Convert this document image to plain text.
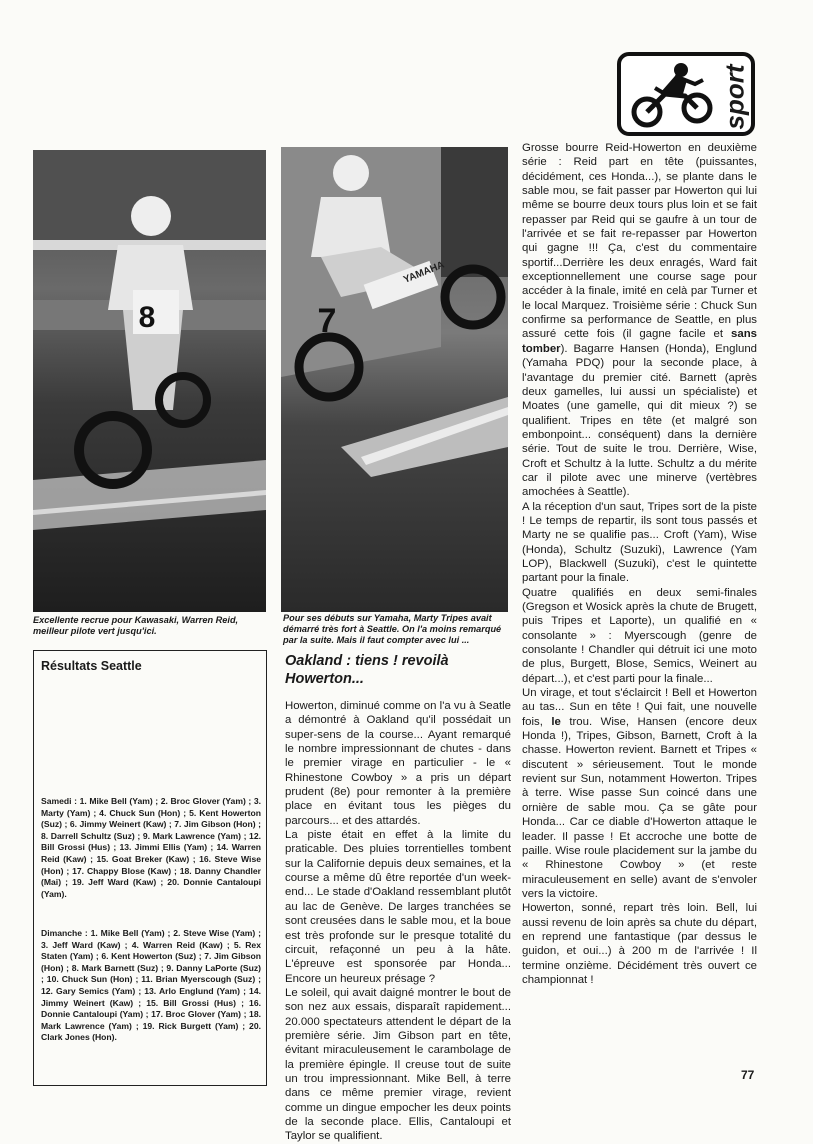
sport
8	7
YAMAHA
Excellente recrue pour Kawasaki, Warren Reid, meilleur pilote vert jusqu'ici.
Pour ses débuts sur Yamaha, Marty Tripes avait démarré très fort à Seattle. On l'a moins remarqué par la suite. Mais il faut compter avec lui ...
Résultats Seattle
Samedi : 1. Mike Bell (Yam) ; 2. Broc Glover (Yam) ; 3. Marty (Yam) ; 4. Chuck Sun (Hon) ; 5. Kent Howerton (Suz) ; 6. Jimmy Weinert (Kaw) ; 7. Jim Gibson (Hon) ; 8. Darrell Schultz (Suz) ; 9. Mark Lawrence (Yam) ; 12. Bill Grossi (Hus) ; 13. Jimmi Ellis (Yam) ; 14. Warren Reid (Kaw) ; 15. Goat Breker (Kaw) ; 16. Steve Wise (Hon) ; 17. Chappy Blose (Kaw) ; 18. Danny Chandler (Mai) ; 19. Jeff Ward (Kaw) ; 20. Donnie Cantaloupi (Yam).
Dimanche : 1. Mike Bell (Yam) ; 2. Steve Wise (Yam) ; 3. Jeff Ward (Kaw) ; 4. Warren Reid (Kaw) ; 5. Rex Staten (Yam) ; 6. Kent Howerton (Suz) ; 7. Jim Gibson (Hon) ; 8. Mark Barnett (Suz) ; 9. Danny LaPorte (Suz) ; 10. Chuck Sun (Hon) ; 11. Brian Myerscough (Suz) ; 12. Gary Semics (Yam) ; 13. Arlo Englund (Yam) ; 14. Jimmy Weinert (Kaw) ; 15. Bill Grossi (Hus) ; 16. Donnie Cantaloupi (Yam) ; 17. Broc Glover (Yam) ; 18. Mark Lawrence (Yam) ; 19. Rick Burgett (Yam) ; 20. Clark Jones (Hon).
Oakland : tiens ! revoilà Howerton...

Howerton, diminué comme on l'a vu à Seatle a démontré à Oakland qu'il possédait un super-sens de la course... Ayant remarqué le nombre impressionnant de chutes - dans le premier virage en particulier - le « Rhinestone Cowboy » a pris un départ prudent (8e) pour remonter à la première place en évitant tous les pièges du parcours... et des attardés.

La piste était en effet à la limite du praticable. Des pluies torrentielles tombent sur la Californie depuis deux semaines, et la course a même dû être reportée d'un week-end... Le stade d'Oakland ressemblant plutôt au lac de Genève. De larges tranchées se sont creusées dans le sable mou, et la boue est très profonde sur le presque totalité du circuit, refaçonné un peu à la hâte. L'épreuve est sponsorée par Honda... Encore un heureux présage ?

Le soleil, qui avait daigné montrer le bout de son nez aux essais, disparaît rapidement... 20.000 spectateurs attendent le départ de la première série. Jim Gibson part en tête, évitant miraculeusement le carambolage de la première épingle. Il creuse tout de suite un trou impressionnant. Mike Bell, à terre dans ce même premier virage, revient comme un dingue empocher les deux points de la seconde place. Ellis, Cantaloupi et Taylor se qualifient.

Grosse bourre Reid-Howerton en deuxième série : Reid part en tête (puissantes, décidément, ces Honda...), se plante dans le sable mou, se fait passer par Howerton qui lui même se bourre deux tours plus loin et se fait repasser par Reid qui se gaufre à un tour de l'arrivée et se fait re-repasser par Howerton qui gagne !!! Ça, c'est du commentaire sportif...Derrière les deux enragés, Ward fait exceptionnellement une course sage pour accéder à la finale, imité en celà par Turner et le local Marquez. Troisième série : Chuck Sun confirme sa performance de Seattle, en plus assuré cette fois (il gagne facile et sans tomber). Bagarre Hansen (Honda), Englund (Yamaha PDQ) pour la seconde place, à l'avantage du premier cité. Barnett (après deux gamelles, lui aussi un spécialiste) et Moates (une gamelle, qui dit mieux ?) se qualifient. Tripes en tête (et malgré son embonpoint... conséquent) dans la dernière série. Tout de suite le trou. Derrière, Wise, Croft et Schultz à la lutte. Schultz a du mérite car il pilote avec une minerve (vertèbres amochées à Seattle).

A la réception d'un saut, Tripes sort de la piste ! Le temps de repartir, ils sont tous passés et Marty ne se qualifie pas... Croft (Yam), Wise (Honda), Schultz (Suzuki), Lawrence (Yam LOP), Blackwell (Suzuki), c'est le quintette partant pour la finale.

Quatre qualifiés en deux semi-finales (Gregson et Wosick après la chute de Brugett, puis Tripes et Laporte), un qualifié en « consolante » : Myerscough (genre de consolante ! Chandler qui détruit ici une moto de plus, Burgett, Blose, Semics, Weinert au départ...), et c'est parti pour la finale...

Un virage, et tout s'éclaircit ! Bell et Howerton au tas... Sun en tête ! Qui fait, une nouvelle fois, le trou. Wise, Hansen (encore deux Honda !), Tripes, Gibson, Barnett, Croft à la chasse. Howerton revient. Barnett et Tripes « discutent » sérieusement. Tout le monde revient sur Sun, notamment Howerton. Tripes à terre. Wise passe Sun coincé dans une ornière de sable mou. Ça se gâte pour Honda... Car ce diable d'Howerton attaque le leader. Il passe ! Et accroche une botte de paille. Wise roule placidement sur la jambe du « Rhinestone Cowboy » (et reste miraculeusement en selle) avant de s'envoler vers la victoire.

Howerton, sonné, repart très loin. Bell, lui aussi revenu de loin après sa chute du départ, en reprend une fantastique (par dessus le guidon, et oui...) à 200 m de l'arrivée ! Il termine onzième. Décidément très ouvert ce championnat !

77
